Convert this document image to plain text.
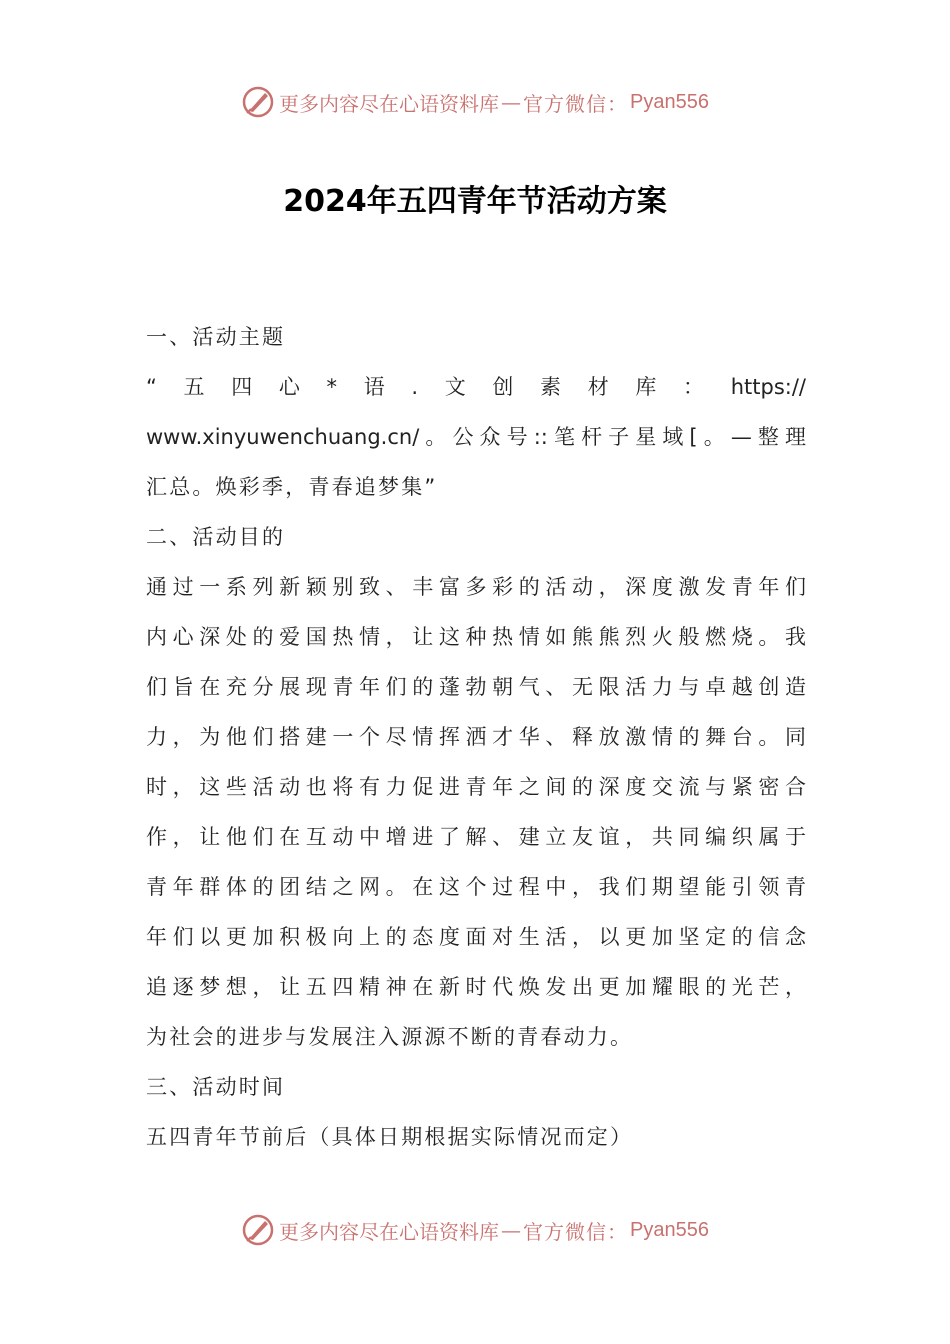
更多内容尽在心语资料库 — 官方微信： Pyan556
2024年五四青年节活动方案

一、活动主题

“五四心*语.文创素材库：https://

www.xinyuwenchuang.cn/。公众号::笔杆子星域[。—整理

汇总。焕彩季，青春追梦集”

二、活动目的

通过一系列新颖别致、丰富多彩的活动，深度激发青年们

内心深处的爱国热情，让这种热情如熊熊烈火般燃烧。我

们旨在充分展现青年们的蓬勃朝气、无限活力与卓越创造

力，为他们搭建一个尽情挥洒才华、释放激情的舞台。同

时，这些活动也将有力促进青年之间的深度交流与紧密合

作，让他们在互动中增进了解、建立友谊，共同编织属于

青年群体的团结之网。在这个过程中，我们期望能引领青

年们以更加积极向上的态度面对生活，以更加坚定的信念

追逐梦想，让五四精神在新时代焕发出更加耀眼的光芒，

为社会的进步与发展注入源源不断的青春动力。

三、活动时间

五四青年节前后（具体日期根据实际情况而定）

更多内容尽在心语资料库 — 官方微信： Pyan556
